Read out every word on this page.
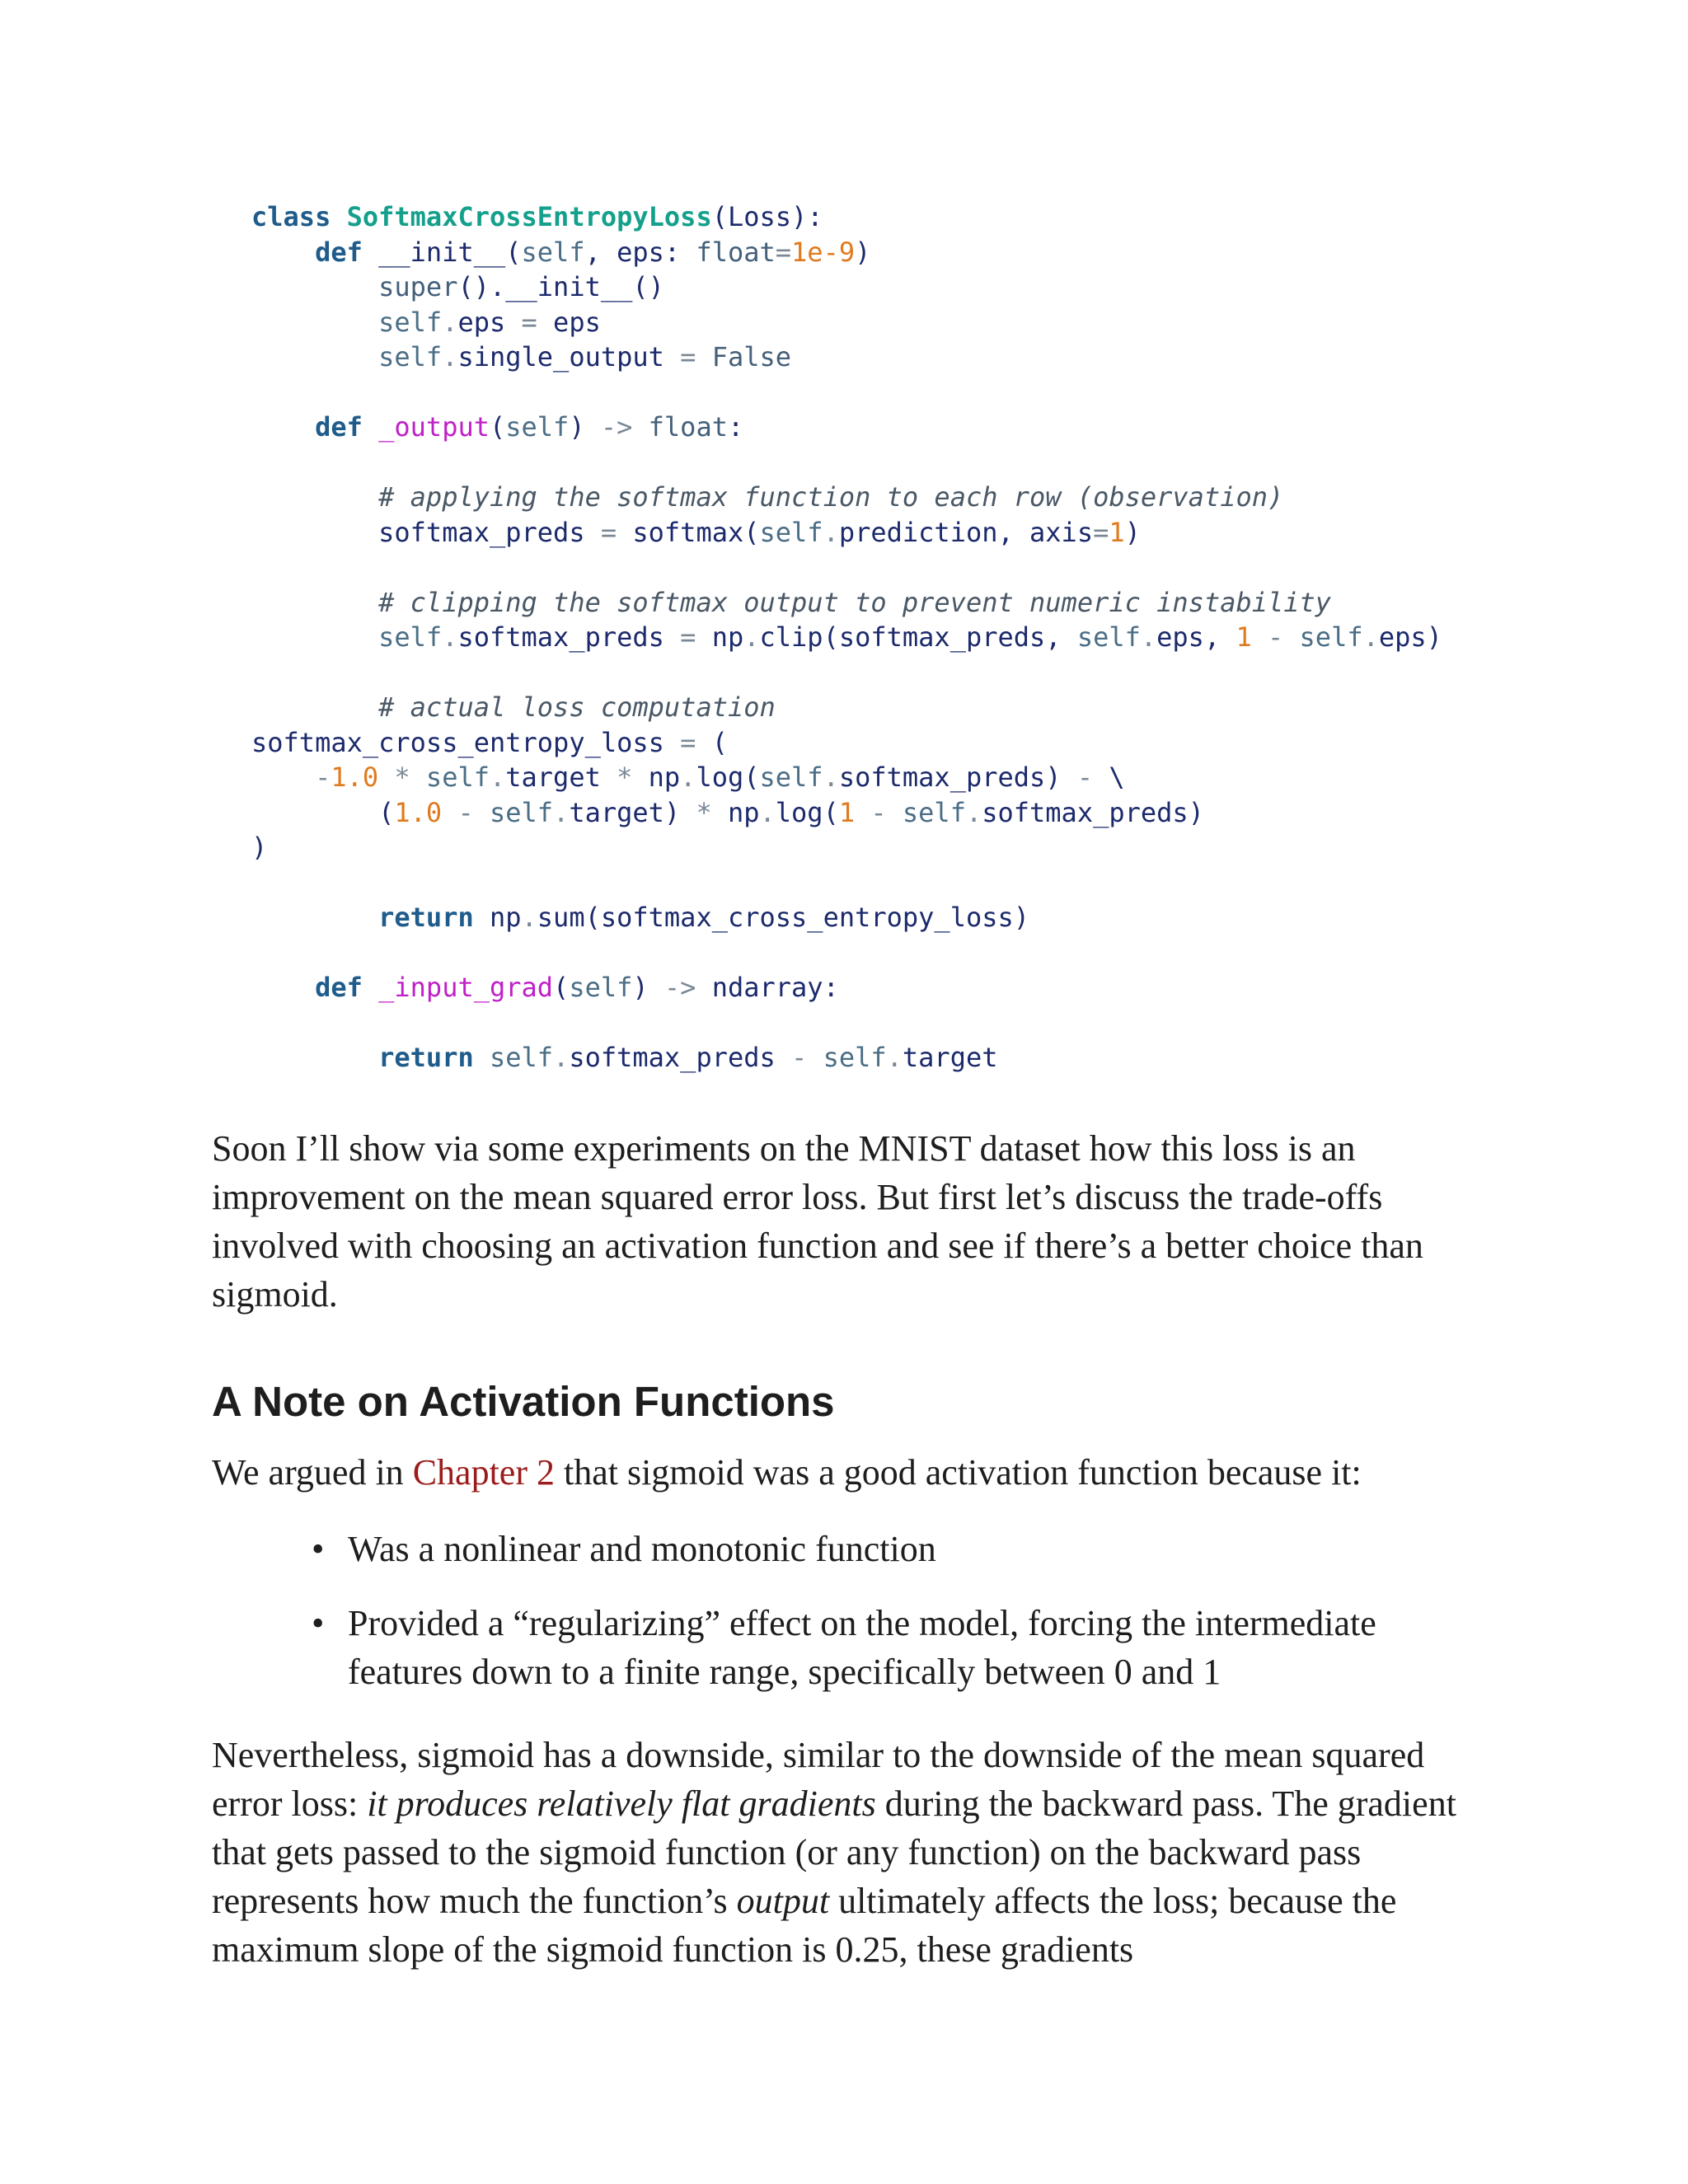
class SoftmaxCrossEntropyLoss(Loss):
def __init__(self, eps: float=1e-9)
super().__init__()
self.eps = eps
self.single_output = False

def _output(self) -> float:

# applying the softmax function to each row (observation)
softmax_preds = softmax(self.prediction, axis=1)

# clipping the softmax output to prevent numeric instability
self.softmax_preds = np.clip(softmax_preds, self.eps, 1 - self.eps)

# actual loss computation
softmax_cross_entropy_loss = (
-1.0 * self.target * np.log(self.softmax_preds) - \
(1.0 - self.target) * np.log(1 - self.softmax_preds)
)

return np.sum(softmax_cross_entropy_loss)

def _input_grad(self) -> ndarray:

return self.softmax_preds - self.target

Soon I’ll show via some experiments on the MNIST dataset how this loss is an improvement on the mean squared error loss. But first let’s discuss the trade-offs involved with choosing an activation function and see if there’s a better choice than sigmoid.

A Note on Activation Functions

We argued in Chapter 2 that sigmoid was a good activation function because it:

• Was a nonlinear and monotonic function
• Provided a “regularizing” effect on the model, forcing the intermediate features down to a finite range, specifically between 0 and 1

Nevertheless, sigmoid has a downside, similar to the downside of the mean squared error loss: it produces relatively flat gradients during the backward pass. The gradient that gets passed to the sigmoid function (or any function) on the backward pass represents how much the function’s output ultimately affects the loss; because the maximum slope of the sigmoid function is 0.25, these gradients
